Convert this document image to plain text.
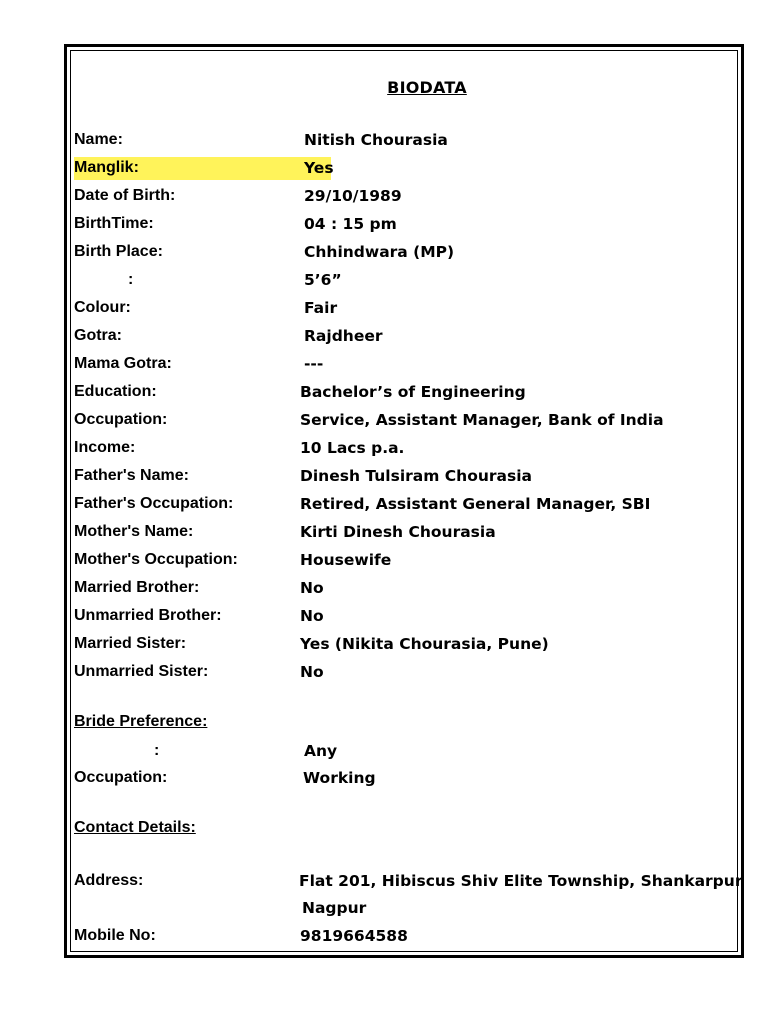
BIODATA
Name:	Nitish Chourasia
Manglik:	Yes
Date of Birth:	29/10/1989
BirthTime:	04 : 15 pm
Birth Place:	Chhindwara (MP)
:	5’6”
Colour:	Fair
Gotra:	Rajdheer
Mama Gotra:	---
Education:	Bachelor’s of Engineering
Occupation:	Service, Assistant Manager, Bank of India
Income:	10 Lacs p.a.
Father's Name:	Dinesh Tulsiram Chourasia
Father's Occupation:	Retired, Assistant General Manager, SBI
Mother's Name:	Kirti Dinesh Chourasia
Mother's Occupation:	Housewife
Married Brother:	No
Unmarried Brother:	No
Married Sister:	Yes (Nikita Chourasia, Pune)
Unmarried Sister:	No
Bride Preference:
:	Any
Occupation:	Working
Contact Details:
Address:	Flat 201, Hibiscus Shiv Elite Township, Shankarpur
Nagpur
Mobile No:	9819664588
